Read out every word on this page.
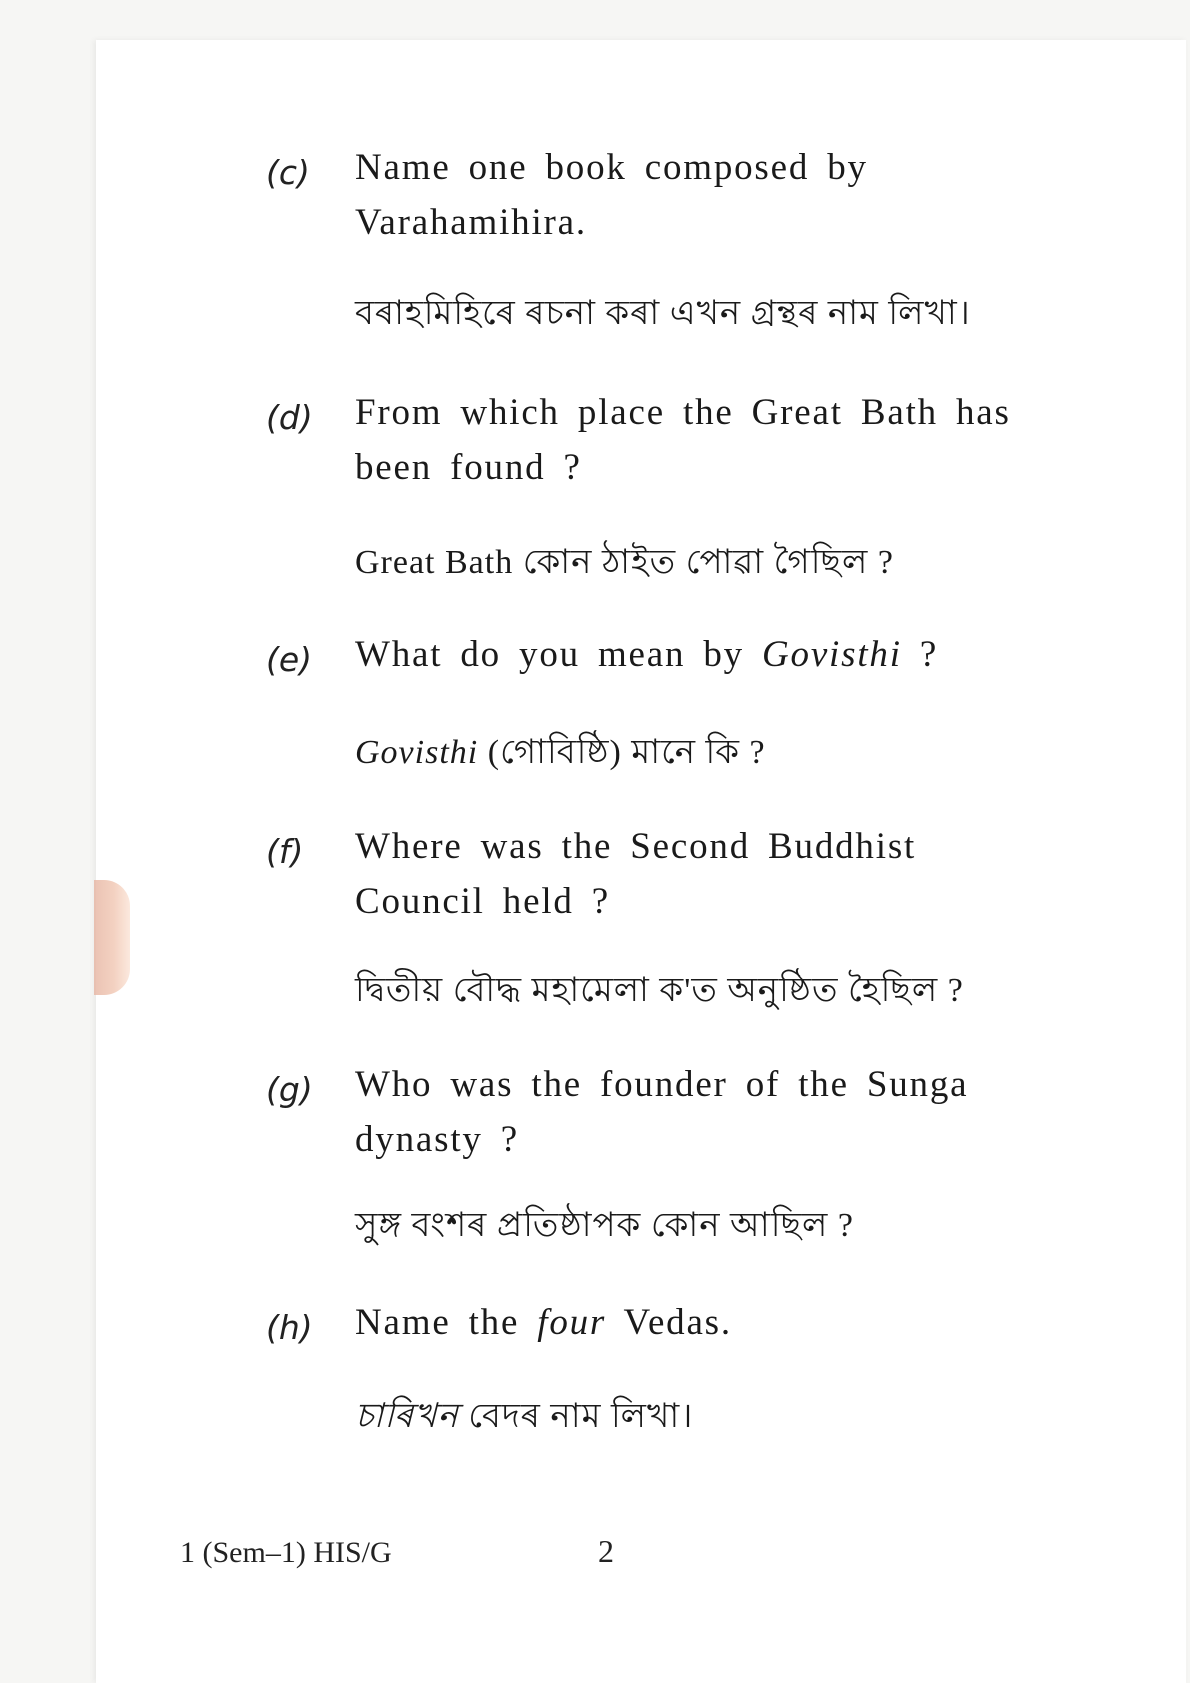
(c) Name one book composed by Varahamihira.
বৰাহমিহিৰে ৰচনা কৰা এখন গ্ৰন্থৰ নাম লিখা।
(d) From which place the Great Bath has been found ?
Great Bath কোন ঠাইত পোৱা গৈছিল ?
(e) What do you mean by Govisthi ?
Govisthi (গোবিষ্ঠি) মানে কি ?
(f) Where was the Second Buddhist Council held ?
দ্বিতীয় বৌদ্ধ মহামেলা ক'ত অনুষ্ঠিত হৈছিল ?
(g) Who was the founder of the Sunga dynasty ?
সুঙ্গ বংশৰ প্ৰতিষ্ঠাপক কোন আছিল ?
(h) Name the four Vedas.
চাৰিখন বেদৰ নাম লিখা।
1 (Sem–1) HIS/G	2
